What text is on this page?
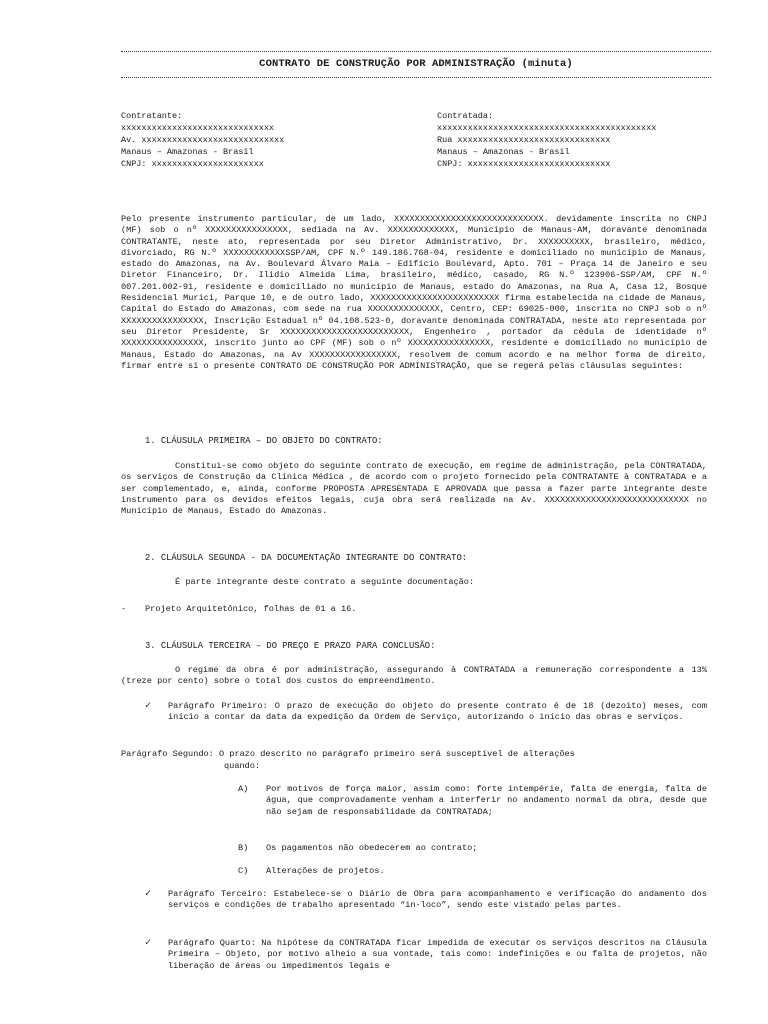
CONTRATO DE CONSTRUÇÃO POR ADMINISTRAÇÃO (minuta)
Contratante:
xxxxxxxxxxxxxxxxxxxxxxxxxxxxxx
Av. xxxxxxxxxxxxxxxxxxxxxxxxxxxx
Manaus – Amazonas - Brasil
CNPJ: xxxxxxxxxxxxxxxxxxxxxx
Contratada:
xxxxxxxxxxxxxxxxxxxxxxxxxxxxxxxxxxxxxxxxxxx
Rua xxxxxxxxxxxxxxxxxxxxxxxxxxxxxx
Manaus – Amazonas - Brasil
CNPJ: xxxxxxxxxxxxxxxxxxxxxxxxxxxx
Pelo presente instrumento particular, de um lado, XXXXXXXXXXXXXXXXXXXXXXXXXXXXX. devidamente inscrita no CNPJ (MF) sob o nº XXXXXXXXXXXXXXXX, sediada na Av. XXXXXXXXXXXXX, Município de Manaus-AM, doravante denominada CONTRATANTE, neste ato, representada por seu Diretor Administrativo, Dr. XXXXXXXXXX, brasileiro, médico, divorciado, RG N.º XXXXXXXXXXXXSSP/AM, CPF N.º 149.186.768-04, residente e domiciliado no município de Manaus, estado do Amazonas, na Av. Boulevard Álvaro Maia – Edifício Boulevard, Apto. 701 – Praça 14 de Janeiro e seu Diretor Financeiro, Dr. Ilidio Almeida Lima, brasileiro, médico, casado, RG N.º 123906-SSP/AM, CPF N.º 007.201.002-91, residente e domiciliado no município de Manaus, estado do Amazonas, na Rua A, Casa 12, Bosque Residencial Murici, Parque 10, e de outro lado, XXXXXXXXXXXXXXXXXXXXXXXXX firma estabelecida na cidade de Manaus, Capital do Estado do Amazonas, com sede na rua XXXXXXXXXXXXXX, Centro, CEP: 69025-000, inscrita no CNPJ sob o nº XXXXXXXXXXXXXXXX, Inscrição Estadual nº 04.108.523-0, doravante denominada CONTRATADA, neste ato representada por seu Diretor Presidente, Sr XXXXXXXXXXXXXXXXXXXXXXXXX, Engenheiro , portador da cédula de identidade nº XXXXXXXXXXXXXXXX, inscrito junto ao CPF (MF) sob o nº XXXXXXXXXXXXXXXX, residente e domiciliado no município de Manaus, Estado do Amazonas, na Av XXXXXXXXXXXXXXXXX, resolvem de comum acordo e na melhor forma de direito, firmar entre si o presente CONTRATO DE CONSTRUÇÃO POR ADMINISTRAÇÃO, que se regerá pelas cláusulas seguintes:
1. CLÁUSULA PRIMEIRA – DO OBJETO DO CONTRATO:
Constitui-se como objeto do seguinte contrato de execução, em regime de administração, pela CONTRATADA, os serviços de Construção da Clínica Médica , de acordo com o projeto fornecido pela CONTRATANTE à CONTRATADA e a ser complementado, e, ainda, conforme PROPOSTA APRESENTADA E APROVADA que passa a fazer parte integrante deste instrumento para os devidos efeitos legais, cuja obra será realizada na Av. XXXXXXXXXXXXXXXXXXXXXXXXXXXX no Município de Manaus, Estado do Amazonas.
2. CLÁUSULA SEGUNDA - DA DOCUMENTAÇÃO INTEGRANTE DO CONTRATO:
É parte integrante deste contrato a seguinte documentação:
- Projeto Arquitetônico, folhas de 01 a 16.
3. CLÁUSULA TERCEIRA – DO PREÇO E PRAZO PARA CONCLUSÃO:
O regime da obra é por administração, assegurando à CONTRATADA a remuneração correspondente a 13% (treze por cento) sobre o total dos custos do empreendimento.
✓ Parágrafo Primeiro: O prazo de execução do objeto do presente contrato é de 18 (dezoito) meses, com início a contar da data da expedição da Ordem de Serviço, autorizando o início das obras e serviços.
Parágrafo Segundo: O prazo descrito no parágrafo primeiro será susceptível de alterações
quando:
A) Por motivos de força maior, assim como: forte intempérie, falta de energia, falta de água, que comprovadamente venham a interferir no andamento normal da obra, desde que não sejam de responsabilidade da CONTRATADA;
B) Os pagamentos não obedecerem ao contrato;
C) Alterações de projetos.
✓ Parágrafo Terceiro: Estabelece-se o Diário de Obra para acompanhamento e verificação do andamento dos serviços e condições de trabalho apresentado “in-loco”, sendo este vistado pelas partes.
✓ Parágrafo Quarto: Na hipótese da CONTRATADA ficar impedida de executar os serviços descritos na Cláusula Primeira – Objeto, por motivo alheio a sua vontade, tais como: indefinições e ou falta de projetos, não liberação de áreas ou impedimentos legais e
